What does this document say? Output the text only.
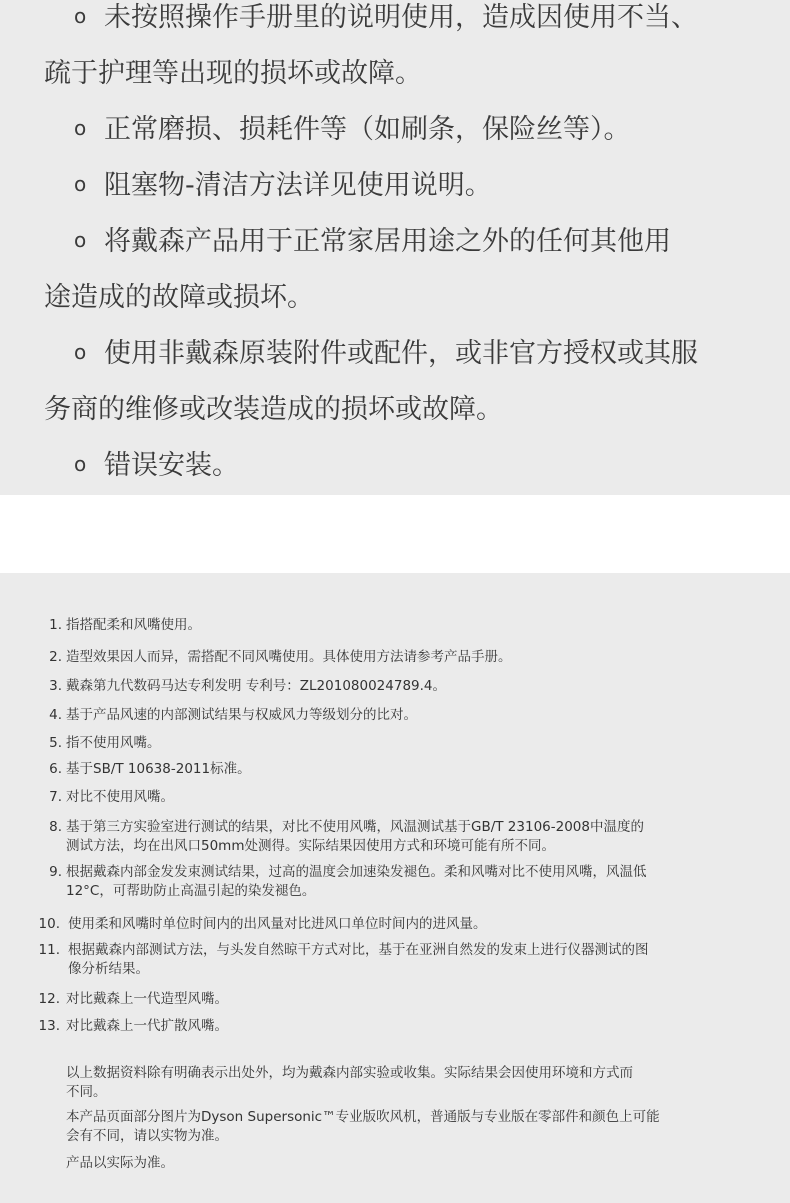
o 未按照操作手册里的说明使用，造成因使用不当、
疏于护理等出现的损坏或故障。
o 正常磨损、损耗件等（如刷条，保险丝等）。
o 阻塞物-清洁方法详见使用说明。
o 将戴森产品用于正常家居用途之外的任何其他用
途造成的故障或损坏。
o 使用非戴森原装附件或配件，或非官方授权或其服
务商的维修或改装造成的损坏或故障。
o 错误安装。
1. 指搭配柔和风嘴使用。
2. 造型效果因人而异，需搭配不同风嘴使用。具体使用方法请参考产品手册。
3. 戴森第九代数码马达专利发明 专利号：ZL201080024789.4。
4. 基于产品风速的内部测试结果与权威风力等级划分的比对。
5. 指不使用风嘴。
6. 基于SB/T 10638-2011标准。
7. 对比不使用风嘴。
8. 基于第三方实验室进行测试的结果，对比不使用风嘴，风温测试基于GB/T 23106-2008中温度的
测试方法，均在出风口50mm处测得。实际结果因使用方式和环境可能有所不同。
9. 根据戴森内部金发发束测试结果，过高的温度会加速染发褪色。柔和风嘴对比不使用风嘴，风温低
12°C，可帮助防止高温引起的染发褪色。
10. 使用柔和风嘴时单位时间内的出风量对比进风口单位时间内的进风量。
11. 根据戴森内部测试方法，与头发自然晾干方式对比，基于在亚洲自然发的发束上进行仪器测试的图
像分析结果。
12. 对比戴森上一代造型风嘴。
13. 对比戴森上一代扩散风嘴。
以上数据资料除有明确表示出处外，均为戴森内部实验或收集。实际结果会因使用环境和方式而
不同。
本产品页面部分图片为Dyson Supersonic™专业版吹风机，普通版与专业版在零部件和颜色上可能
会有不同，请以实物为准。
产品以实际为准。
